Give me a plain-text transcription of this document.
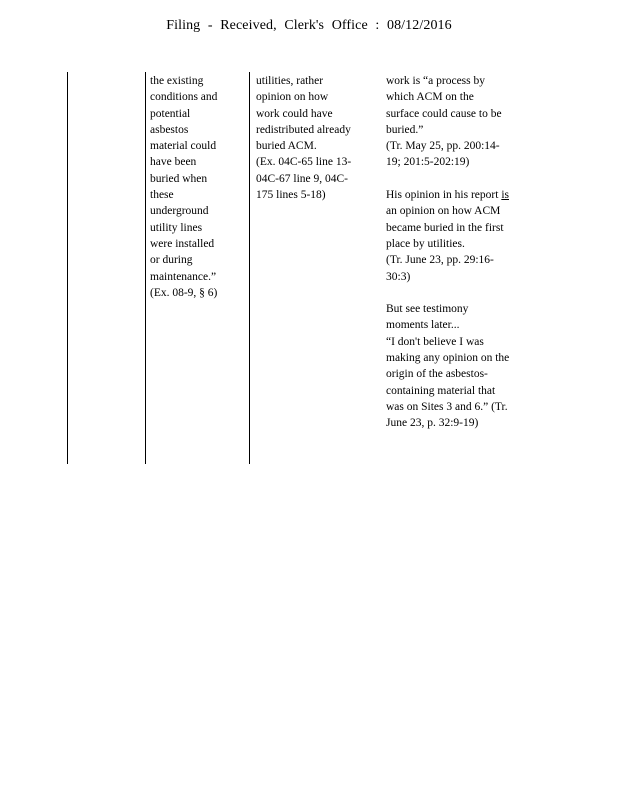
Filing - Received, Clerk's Office : 08/12/2016
the existing
conditions and
potential
asbestos
material could
have been
buried when
these
underground
utility lines
were installed
or during
maintenance.”
(Ex. 08-9, § 6)
utilities, rather
opinion on how
work could have
redistributed already
buried ACM.
(Ex. 04C-65 line 13-
04C-67 line 9, 04C-
175 lines 5-18)
work is “a process by
which ACM on the
surface could cause to be
buried.”
(Tr. May 25, pp. 200:14-
19; 201:5-202:19)
His opinion in his report is
an opinion on how ACM
became buried in the first
place by utilities.
(Tr. June 23, pp. 29:16-
30:3)
But see testimony
moments later...
“I don't believe I was
making any opinion on the
origin of the asbestos-
containing material that
was on Sites 3 and 6.” (Tr.
June 23, p. 32:9-19)
